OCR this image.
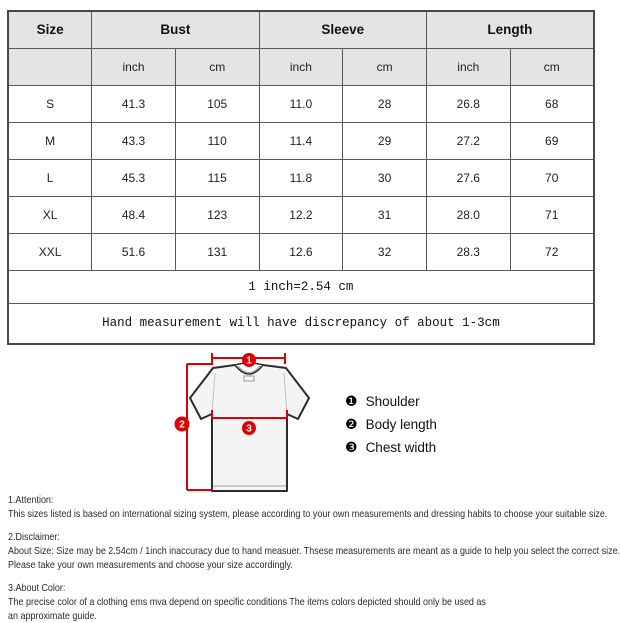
Size	Bust		Sleeve		Length	
	inch	cm	inch	cm	inch	cm
S	41.3	105	11.0	28	26.8	68
M	43.3	110	11.4	29	27.2	69
L	45.3	115	11.8	30	27.6	70
XL	48.4	123	12.2	31	28.0	71
XXL	51.6	131	12.6	32	28.3	72
1 inch=2.54 cm						
Hand measurement will have discrepancy of about 1-3cm						
1
2	3
❶ Shoulder
❷ Body length
❸ Chest width
1.Attention:
This sizes listed is based on international sizing system, please according to your own measurements and dressing habits to choose your suitable size.
2.Disclaimer:
About Size: Size may be 2.54cm / 1inch inaccuracy due to hand measuer. Thsese measurements are meant as a guide to help you select the correct size.
Please take your own measurements and choose your size accordingly.
3.About Color:
The precise color of a clothing ems mva depend on specific conditions The items colors depicted should only be used as
an approximate guide.
